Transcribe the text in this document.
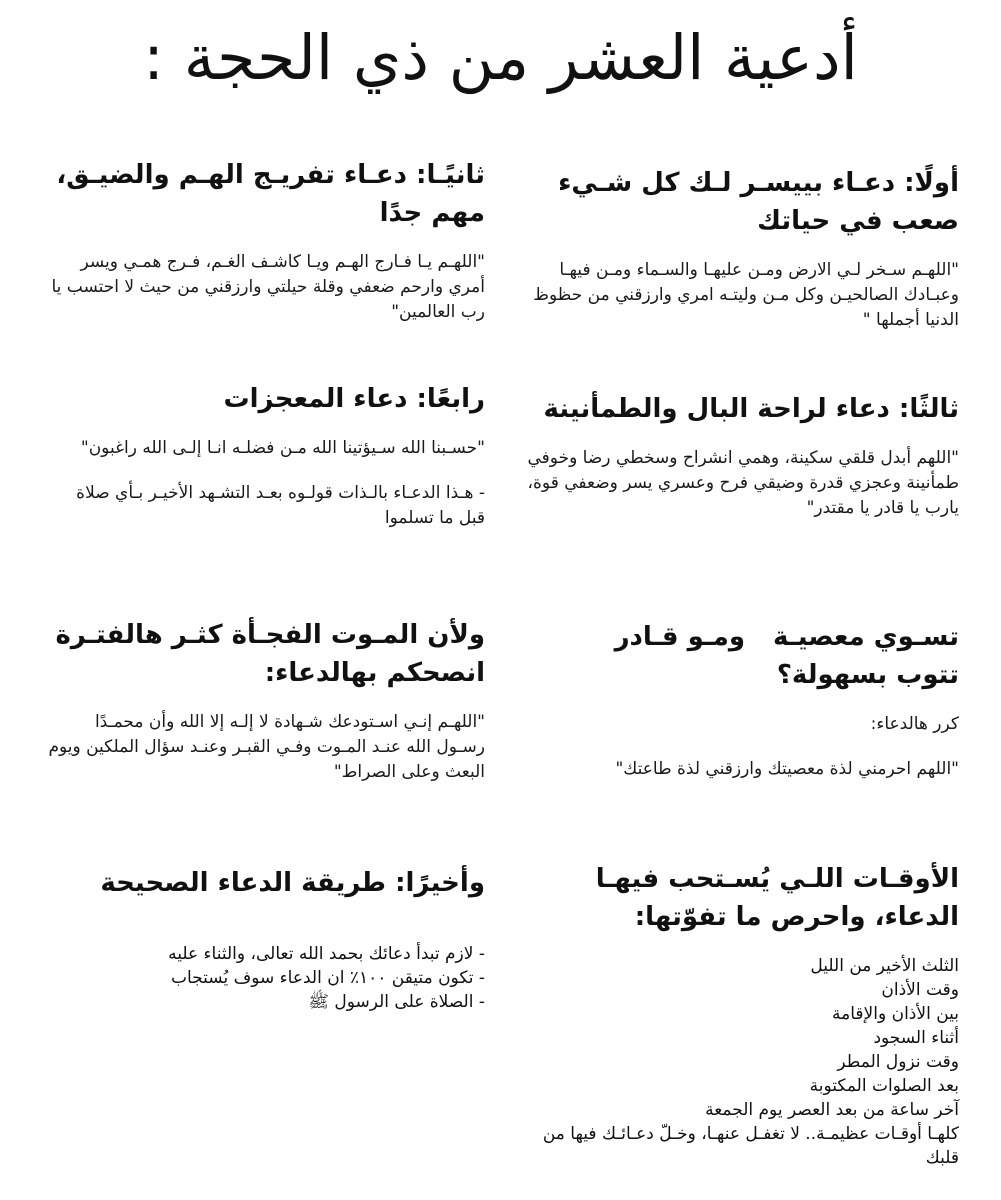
أدعية العشر من ذي الحجة :
أولًا: دعـاء بييسـر لـك كل شـيء صعب في حياتك

"اللهـم سـخر لـي الارض ومـن عليهـا والسـماء ومـن فيهـا وعبـادك الصالحيـن وكل مـن وليتـه امري وارزقني من حظوظ الدنيا أجملها "

ثالثًا: دعاء لراحة البال والطمأنينة

"اللهم أبدل قلقي سكينة، وهمي انشراح وسخطي رضا وخوفي طمأنينة وعجزي قدرة وضيقي فرح وعسري يسر وضعفي قوة، يارب يا قادر يا مقتدر"

تسـوي معصيـةومـو قـادر
تتوب بسهولة؟

كرر هالدعاء:

"اللهم احرمني لذة معصيتك وارزقني لذة طاعتك"

الأوقـات اللـي يُسـتحب فيهـا الدعاء، واحرص ما تفوّتها:
الثلث الأخير من الليل
وقت الأذان
بين الأذان والإقامة
أثناء السجود
وقت نزول المطر
بعد الصلوات المكتوبة
آخر ساعة من بعد العصر يوم الجمعة
كلهـا أوقـات عظيمـة.. لا تغفـل عنهـا، وخـلّ دعـائـك فيها من قلبك
ثانيًـا: دعـاء تفريـج الهـم والضيـق، مهم جدًا

"اللهـم يـا فـارج الهـم ويـا كاشـف الغـم، فـرج همـي ويسر أمري وارحم ضعفي وقلة حيلتي وارزقني من حيث لا احتسب يا رب العالمين"

رابعًا: دعاء المعجزات

"حسـبنا الله سـيؤتينا الله مـن فضلـه انـا إلـى الله راغبون"

- هـذا الدعـاء بالـذات قولـوه بعـد التشـهد الأخيـر بـأي صلاة قبل ما تسلموا

ولأن المـوت الفجـأة كثـر هالفتـرة انصحكم بهالدعاء:

"اللهـم إنـي اسـتودعك شـهادة لا إلـه إلا الله وأن محمـدًا رسـول الله عنـد المـوت وفـي القبـر وعنـد سؤال الملكين ويوم البعث وعلى الصراط"

وأخيرًا: طريقة الدعاء الصحيحة
- لازم تبدأ دعائك بحمد الله تعالى، والثناء عليه
- تكون متيقن ١٠٠٪ ان الدعاء سوف يُستجاب
- الصلاة على الرسول ﷺ
